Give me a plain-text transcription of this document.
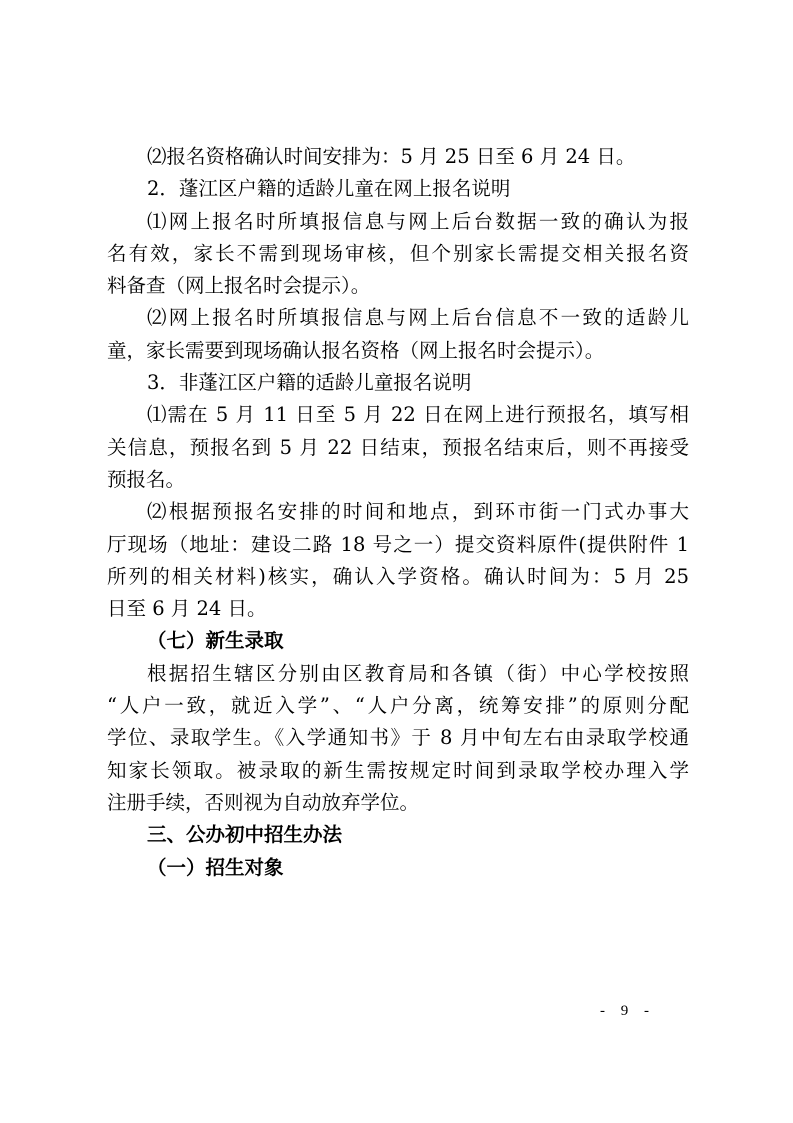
⑵报名资格确认时间安排为：5 月 25 日至 6 月 24 日。
2．蓬江区户籍的适龄儿童在网上报名说明
⑴网上报名时所填报信息与网上后台数据一致的确认为报
名有效，家长不需到现场审核，但个别家长需提交相关报名资
料备查（网上报名时会提示）。
⑵网上报名时所填报信息与网上后台信息不一致的适龄儿
童，家长需要到现场确认报名资格（网上报名时会提示）。
3．非蓬江区户籍的适龄儿童报名说明
⑴需在 5 月 11 日至 5 月 22 日在网上进行预报名，填写相
关信息，预报名到 5 月 22 日结束，预报名结束后，则不再接受
预报名。
⑵根据预报名安排的时间和地点，到环市街一门式办事大
厅现场（地址：建设二路 18 号之一）提交资料原件(提供附件 1
所列的相关材料)核实，确认入学资格。确认时间为：5 月 25
日至 6 月 24 日。
（七）新生录取
根据招生辖区分别由区教育局和各镇（街）中心学校按照
“人户一致，就近入学”、“人户分离，统筹安排”的原则分配
学位、录取学生。《入学通知书》于 8 月中旬左右由录取学校通
知家长领取。被录取的新生需按规定时间到录取学校办理入学
注册手续，否则视为自动放弃学位。
三、公办初中招生办法
（一）招生对象
- 9 -
